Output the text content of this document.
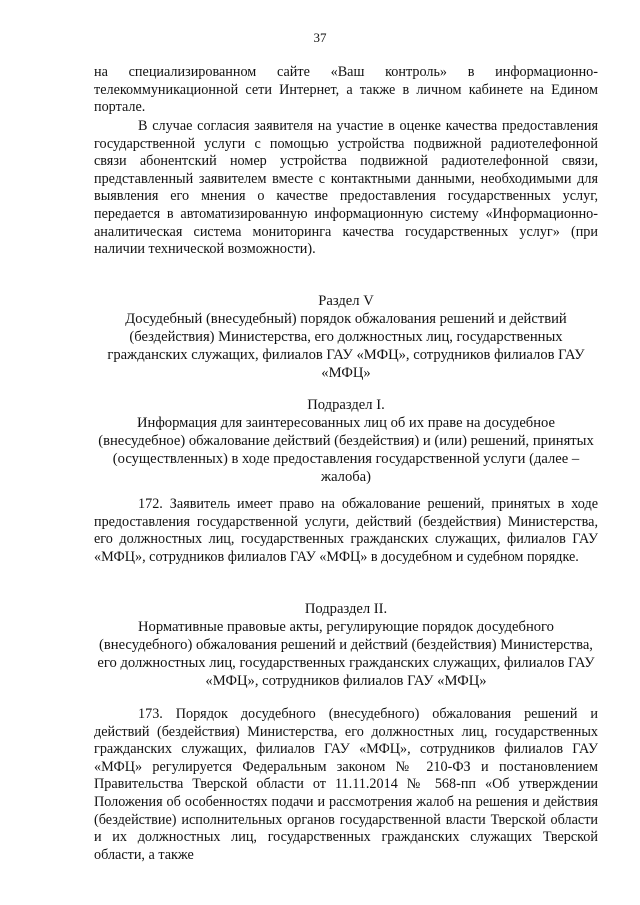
37
на специализированном сайте «Ваш контроль» в информационно-телекоммуникационной сети Интернет, а также в личном кабинете на Едином портале.
В случае согласия заявителя на участие в оценке качества предоставления государственной услуги с помощью устройства подвижной радиотелефонной связи абонентский номер устройства подвижной радиотелефонной связи, представленный заявителем вместе с контактными данными, необходимыми для выявления его мнения о качестве предоставления государственных услуг, передается в автоматизированную информационную систему «Информационно-аналитическая система мониторинга качества государственных услуг» (при наличии технической возможности).
Раздел V
Досудебный (внесудебный) порядок обжалования решений и действий (бездействия) Министерства, его должностных лиц, государственных гражданских служащих, филиалов ГАУ «МФЦ», сотрудников филиалов ГАУ «МФЦ»
Подраздел I.
Информация для заинтересованных лиц об их праве на досудебное (внесудебное) обжалование действий (бездействия) и (или) решений, принятых (осуществленных) в ходе предоставления государственной услуги (далее – жалоба)
172. Заявитель имеет право на обжалование решений, принятых в ходе предоставления государственной услуги, действий (бездействия) Министерства, его должностных лиц, государственных гражданских служащих, филиалов ГАУ «МФЦ», сотрудников филиалов ГАУ «МФЦ» в досудебном и судебном порядке.
Подраздел II.
Нормативные правовые акты, регулирующие порядок досудебного (внесудебного) обжалования решений и действий (бездействия) Министерства, его должностных лиц, государственных гражданских служащих, филиалов ГАУ «МФЦ», сотрудников филиалов ГАУ «МФЦ»
173. Порядок досудебного (внесудебного) обжалования решений и действий (бездействия) Министерства, его должностных лиц, государственных гражданских служащих, филиалов ГАУ «МФЦ», сотрудников филиалов ГАУ «МФЦ» регулируется Федеральным законом № 210-ФЗ и постановлением Правительства Тверской области от 11.11.2014 № 568-пп «Об утверждении Положения об особенностях подачи и рассмотрения жалоб на решения и действия (бездействие) исполнительных органов государственной власти Тверской области и их должностных лиц, государственных гражданских служащих Тверской области, а также
